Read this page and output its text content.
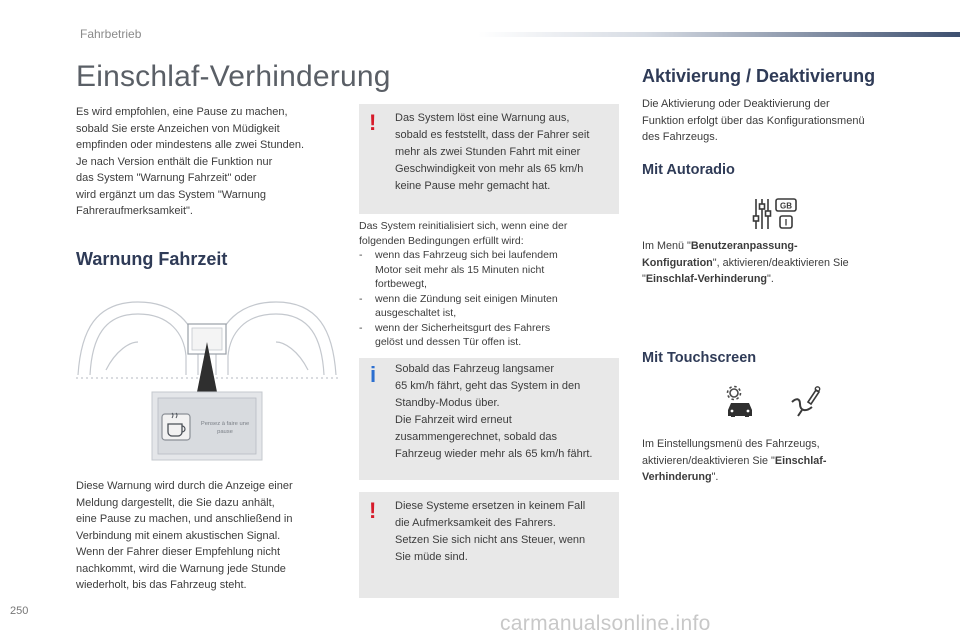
Fahrbetrieb
Einschlaf-Verhinderung
Es wird empfohlen, eine Pause zu machen,
sobald Sie erste Anzeichen von Müdigkeit
empfinden oder mindestens alle zwei Stunden.
Je nach Version enthält die Funktion nur
das System "Warnung Fahrzeit" oder
wird ergänzt um das System "Warnung
Fahreraufmerksamkeit".
Warnung Fahrzeit
Pensez à faire une
pause
Diese Warnung wird durch die Anzeige einer
Meldung dargestellt, die Sie dazu anhält,
eine Pause zu machen, und anschließend in
Verbindung mit einem akustischen Signal.
Wenn der Fahrer dieser Empfehlung nicht
nachkommt, wird die Warnung jede Stunde
wiederholt, bis das Fahrzeug steht.
! Das System löst eine Warnung aus,
sobald es feststellt, dass der Fahrer seit
mehr als zwei Stunden Fahrt mit einer
Geschwindigkeit von mehr als 65 km/h
keine Pause mehr gemacht hat.
Das System reinitialisiert sich, wenn eine der
folgenden Bedingungen erfüllt wird:
- wenn das Fahrzeug sich bei laufendem
Motor seit mehr als 15 Minuten nicht
fortbewegt,
- wenn die Zündung seit einigen Minuten
ausgeschaltet ist,
- wenn der Sicherheitsgurt des Fahrers
gelöst und dessen Tür offen ist.
i Sobald das Fahrzeug langsamer
65 km/h fährt, geht das System in den
Standby-Modus über.
Die Fahrzeit wird erneut
zusammengerechnet, sobald das
Fahrzeug wieder mehr als 65 km/h fährt.
! Diese Systeme ersetzen in keinem Fall
die Aufmerksamkeit des Fahrers.
Setzen Sie sich nicht ans Steuer, wenn
Sie müde sind.
Aktivierung / Deaktivierung
Die Aktivierung oder Deaktivierung der
Funktion erfolgt über das Konfigurationsmenü
des Fahrzeugs.
Mit Autoradio
GB
I
Im Menü "Benutzeranpassung-
Konfiguration", aktivieren/deaktivieren Sie
"Einschlaf-Verhinderung".
Mit Touchscreen
Im Einstellungsmenü des Fahrzeugs,
aktivieren/deaktivieren Sie "Einschlaf-
Verhinderung".
250
carmanualsonline.info
